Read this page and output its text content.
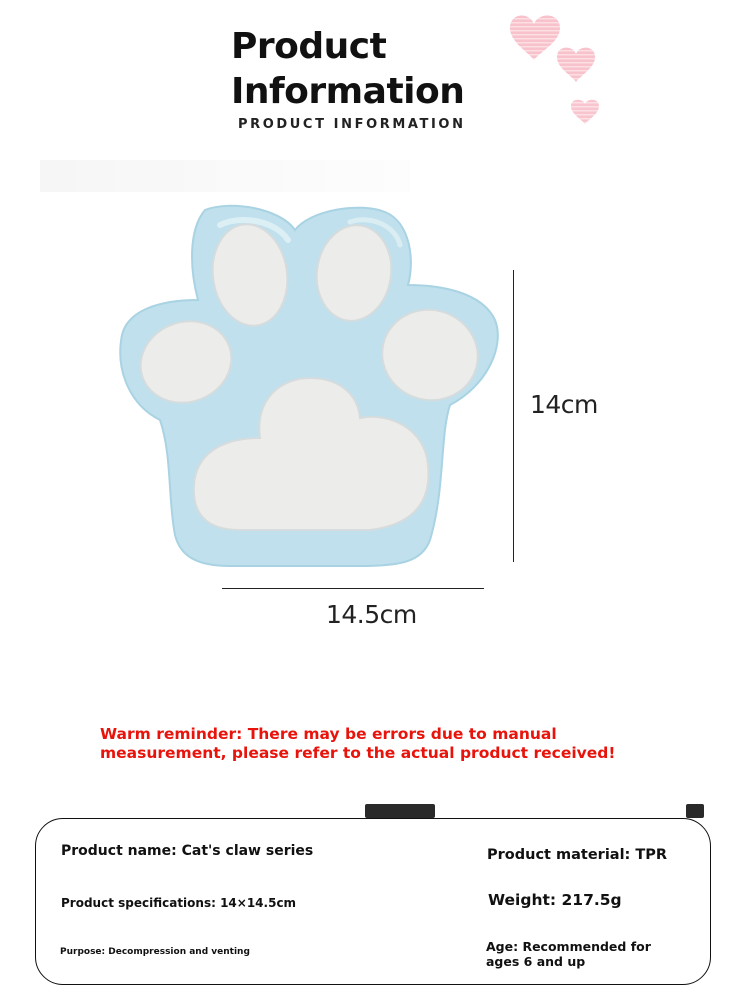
Product
Information
PRODUCT INFORMATION
14cm
14.5cm
Warm reminder: There may be errors due to manual measurement, please refer to the actual product received!
Product name: Cat's claw series
Product specifications: 14×14.5cm
Purpose: Decompression and venting
Product material: TPR
Weight: 217.5g
Age: Recommended for ages 6 and up
